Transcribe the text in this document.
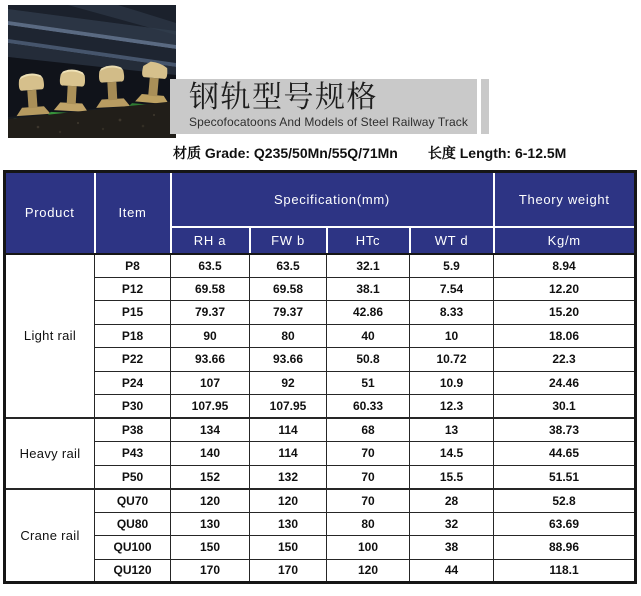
钢轨型号规格
Specofocatoons And Models of Steel Railway Track
材质 Grade: Q235/50Mn/55Q/71Mn 长度 Length: 6-12.5M
Product	Item	Specification(mm)				Theory weight
		RH a	FW b	HTc	WT d	Kg/m
Light rail	P8	63.5	63.5	32.1	5.9	8.94
	P12	69.58	69.58	38.1	7.54	12.20
	P15	79.37	79.37	42.86	8.33	15.20
	P18	90	80	40	10	18.06
	P22	93.66	93.66	50.8	10.72	22.3
	P24	107	92	51	10.9	24.46
	P30	107.95	107.95	60.33	12.3	30.1
Heavy rail	P38	134	114	68	13	38.73
	P43	140	114	70	14.5	44.65
	P50	152	132	70	15.5	51.51
Crane rail	QU70	120	120	70	28	52.8
	QU80	130	130	80	32	63.69
	QU100	150	150	100	38	88.96
	QU120	170	170	120	44	118.1
